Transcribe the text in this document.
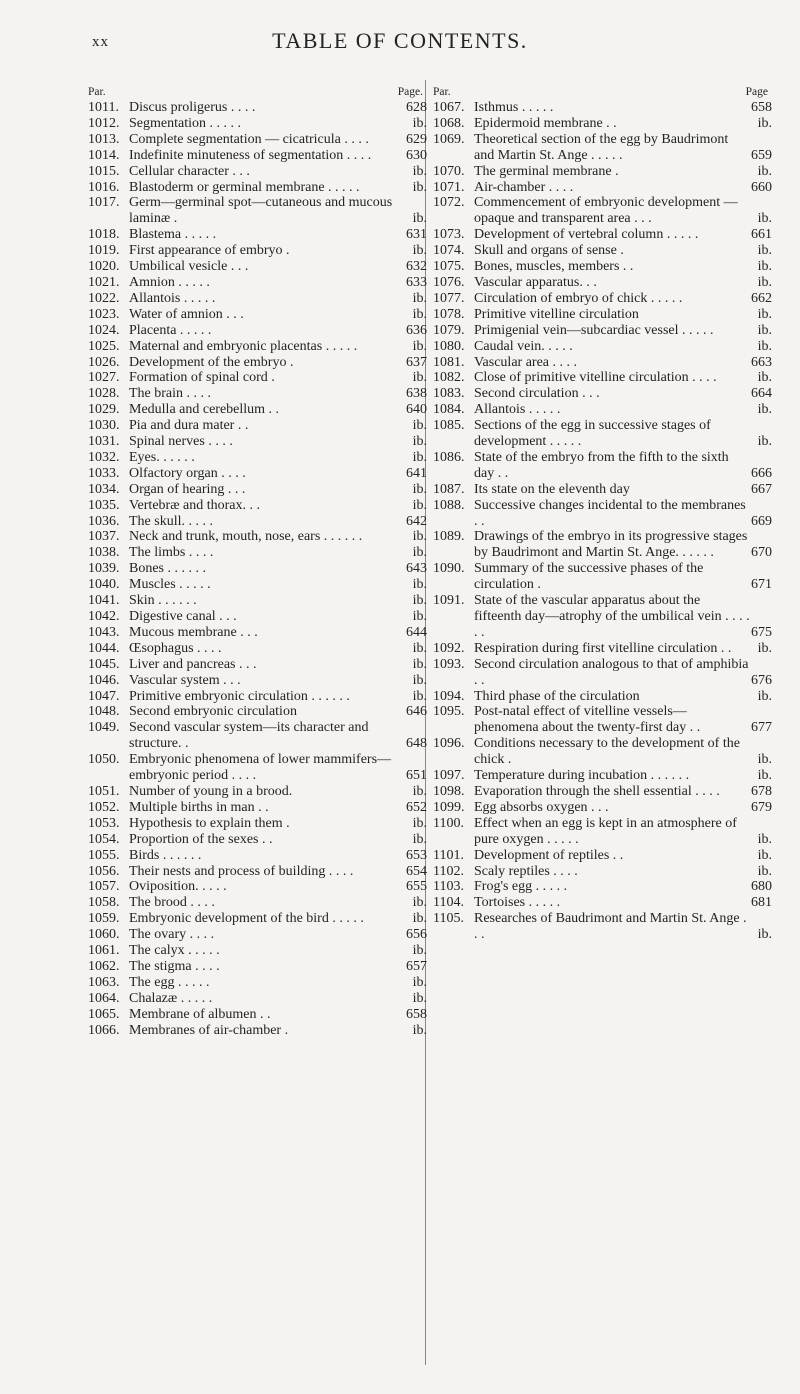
xx	TABLE OF CONTENTS.
Par.	Page.
1011. Discus proligerus . . . .	628
1012. Segmentation . . . . .	ib.
1013. Complete segmentation — cicatricula . . . .	629
1014. Indefinite minuteness of segmentation . . . .	630
1015. Cellular character . . .	ib.
1016. Blastoderm or germinal membrane . . . . .	ib.
1017. Germ—germinal spot—cutaneous and mucous laminæ .	ib.
1018. Blastema . . . . .	631
1019. First appearance of embryo .	ib.
1020. Umbilical vesicle . . .	632
1021. Amnion . . . . .	633
1022. Allantois . . . . .	ib.
1023. Water of amnion . . .	ib.
1024. Placenta . . . . .	636
1025. Maternal and embryonic placentas . . . . .	ib.
1026. Development of the embryo .	637
1027. Formation of spinal cord .	ib.
1028. The brain . . . .	638
1029. Medulla and cerebellum . .	640
1030. Pia and dura mater . .	ib.
1031. Spinal nerves . . . .	ib.
1032. Eyes. . . . . .	ib.
1033. Olfactory organ . . . .	641
1034. Organ of hearing . . .	ib.
1035. Vertebræ and thorax. . .	ib.
1036. The skull. . . . .	642
1037. Neck and trunk, mouth, nose, ears . . . . . .	ib.
1038. The limbs . . . .	ib.
1039. Bones . . . . . .	643
1040. Muscles . . . . .	ib.
1041. Skin . . . . . .	ib.
1042. Digestive canal . . .	ib.
1043. Mucous membrane . . .	644
1044. Œsophagus . . . .	ib.
1045. Liver and pancreas . . .	ib.
1046. Vascular system . . .	ib.
1047. Primitive embryonic circulation . . . . . .	ib.
1048. Second embryonic circulation	646
1049. Second vascular system—its character and structure. .	648
1050. Embryonic phenomena of lower mammifers—embryonic period . . . .	651
1051. Number of young in a brood.	ib.
1052. Multiple births in man . .	652
1053. Hypothesis to explain them .	ib.
1054. Proportion of the sexes . .	ib.
1055. Birds . . . . . .	653
1056. Their nests and process of building . . . .	654
1057. Oviposition. . . . .	655
1058. The brood . . . .	ib.
1059. Embryonic development of the bird . . . . .	ib.
1060. The ovary . . . .	656
1061. The calyx . . . . .	ib.
1062. The stigma . . . .	657
1063. The egg . . . . .	ib.
1064. Chalazæ . . . . .	ib.
1065. Membrane of albumen . .	658
1066. Membranes of air-chamber .	ib.
Par.	Page
1067. Isthmus . . . . .	658
1068. Epidermoid membrane . .	ib.
1069. Theoretical section of the egg by Baudrimont and Martin St. Ange . . . . .	659
1070. The germinal membrane .	ib.
1071. Air-chamber . . . .	660
1072. Commencement of embryonic development — opaque and transparent area . . .	ib.
1073. Development of vertebral column . . . . .	661
1074. Skull and organs of sense .	ib.
1075. Bones, muscles, members . .	ib.
1076. Vascular apparatus. . .	ib.
1077. Circulation of embryo of chick . . . . .	662
1078. Primitive vitelline circulation	ib.
1079. Primigenial vein—subcardiac vessel . . . . .	ib.
1080. Caudal vein. . . . .	ib.
1081. Vascular area . . . .	663
1082. Close of primitive vitelline circulation . . . .	ib.
1083. Second circulation . . .	664
1084. Allantois . . . . .	ib.
1085. Sections of the egg in successive stages of development . . . . .	ib.
1086. State of the embryo from the fifth to the sixth day . .	666
1087. Its state on the eleventh day	667
1088. Successive changes incidental to the membranes . .	669
1089. Drawings of the embryo in its progressive stages by Baudrimont and Martin St. Ange. . . . . .	670
1090. Summary of the successive phases of the circulation .	671
1091. State of the vascular apparatus about the fifteenth day—atrophy of the umbilical vein . . . . . .	675
1092. Respiration during first vitelline circulation . .	ib.
1093. Second circulation analogous to that of amphibia . .	676
1094. Third phase of the circulation	ib.
1095. Post-natal effect of vitelline vessels—phenomena about the twenty-first day . .	677
1096. Conditions necessary to the development of the chick .	ib.
1097. Temperature during incubation . . . . . .	ib.
1098. Evaporation through the shell essential . . . .	678
1099. Egg absorbs oxygen . . .	679
1100. Effect when an egg is kept in an atmosphere of pure oxygen . . . . .	ib.
1101. Development of reptiles . .	ib.
1102. Scaly reptiles . . . .	ib.
1103. Frog's egg . . . . .	680
1104. Tortoises . . . . .	681
1105. Researches of Baudrimont and Martin St. Ange . . .	ib.
